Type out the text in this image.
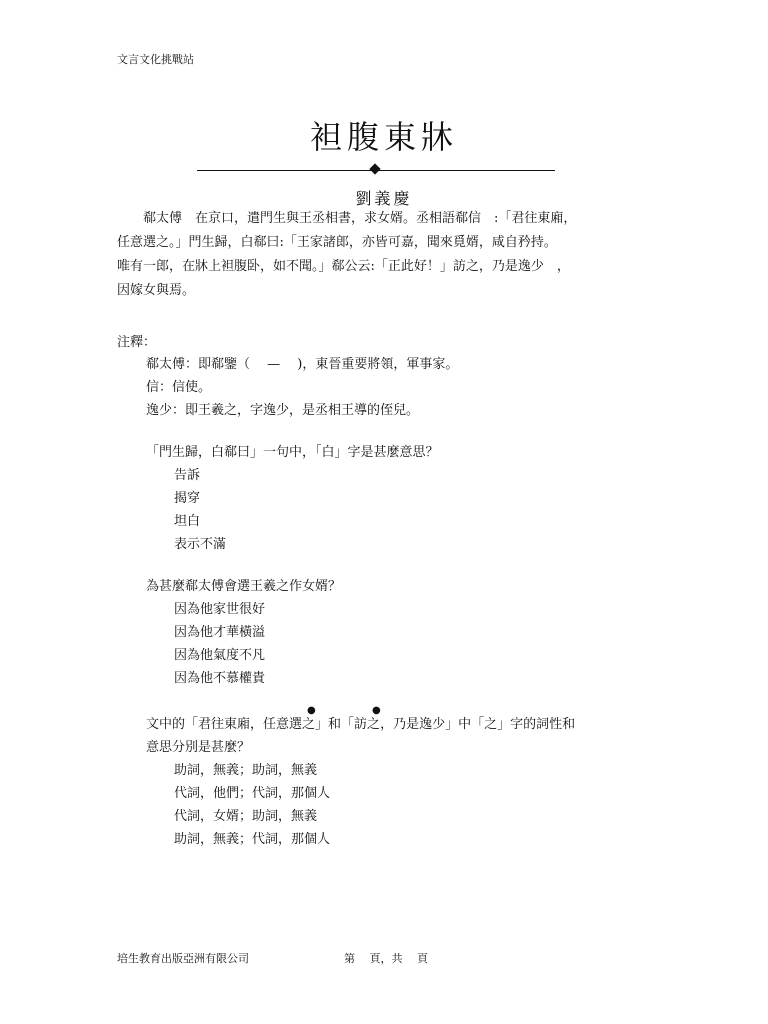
文言文化挑戰站
袒腹東牀
劉義慶
郗太傅　在京口，遣門生與王丞相書，求女婿。丞相語郗信　:「君往東廂，
任意選之。」門生歸，白郗曰:「王家諸郎，亦皆可嘉，聞來覓婿，咸自矜持。
唯有一郎，在牀上袒腹卧，如不聞。」郗公云:「正此好！」訪之，乃是逸少　，
因嫁女與焉。
注釋：
郗太傅：即郗鑒（　 —　 )，東晉重要將領，軍事家。
信：信使。
逸少：即王羲之，字逸少，是丞相王導的侄兒。
「門生歸，白郗曰」一句中，「白」字是甚麼意思？
告訴
揭穿
坦白
表示不滿
為甚麼郗太傅會選王羲之作女婿？
因為他家世很好
因為他才華橫溢
因為他氣度不凡
因為他不慕權貴
文中的「君往東廂，任意選
●
之」和「訪
●
之，乃是逸少」中「之」字的詞性和
意思分別是甚麼？
助詞，無義；助詞，無義
代詞，他們；代詞，那個人
代詞，女婿；助詞，無義
助詞，無義；代詞，那個人
培生教育出版亞洲有限公司	第　 頁，共　 頁
